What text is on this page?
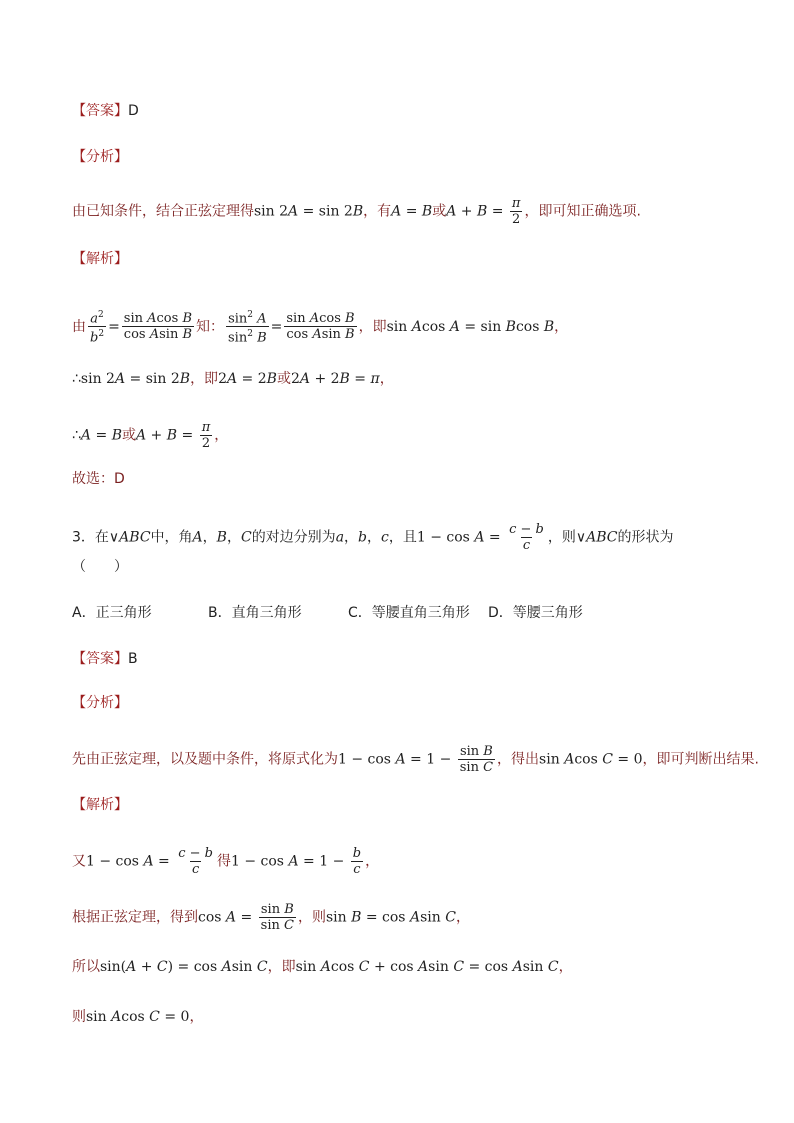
【答案】D
【分析】
由已知条件，结合正弦定理得sin 2A = sin 2B，有A = B或$A + B = \frac{\pi}{2}$ ，即可知正确选项.
【解析】
由 $\frac{a^2}{b^2} = \frac{\text{sin Acos B}}{\text{cos Asin B}}$ 知： $\frac{\sin^2 A}{\sin^2 B} = \frac{\text{sin Acos B}}{\text{cos Asin B}}$ ，即sin Acos A = sin Bcos B，
∴sin 2A = sin 2B，即2A = 2B或2A + 2B = π，
∴A = B或$A + B = \frac{\pi}{2}$ ，
故选：D
3．在∨ABC中，角A，B，C的对边分别为a，b，c，且$1 - \cos A = \frac{c - b}{c}$ ，则∨ABC的形状为
（　　）
A．正三角形	B．直角三角形	C．等腰直角三角形 D．等腰三角形
【答案】B
【分析】
先由正弦定理，以及题中条件，将原式化为$1 - \cos A = 1 - \frac{\text{sin B}}{\text{sin C}}$ ，得出sin Acos C = 0，即可判断出结果.
【解析】
又$1 - \cos A = \frac{c - b}{c}$ 得$1 - \cos A = 1 - \frac{b}{c}$ ，
根据正弦定理，得到$\cos A = \frac{\text{sin B}}{\text{sin C}}$ ，则sin B = cos Asin C，
所以sin(A + C) = cos Asin C，即sin Acos C + cos Asin C = cos Asin C，
则sin Acos C = 0，
